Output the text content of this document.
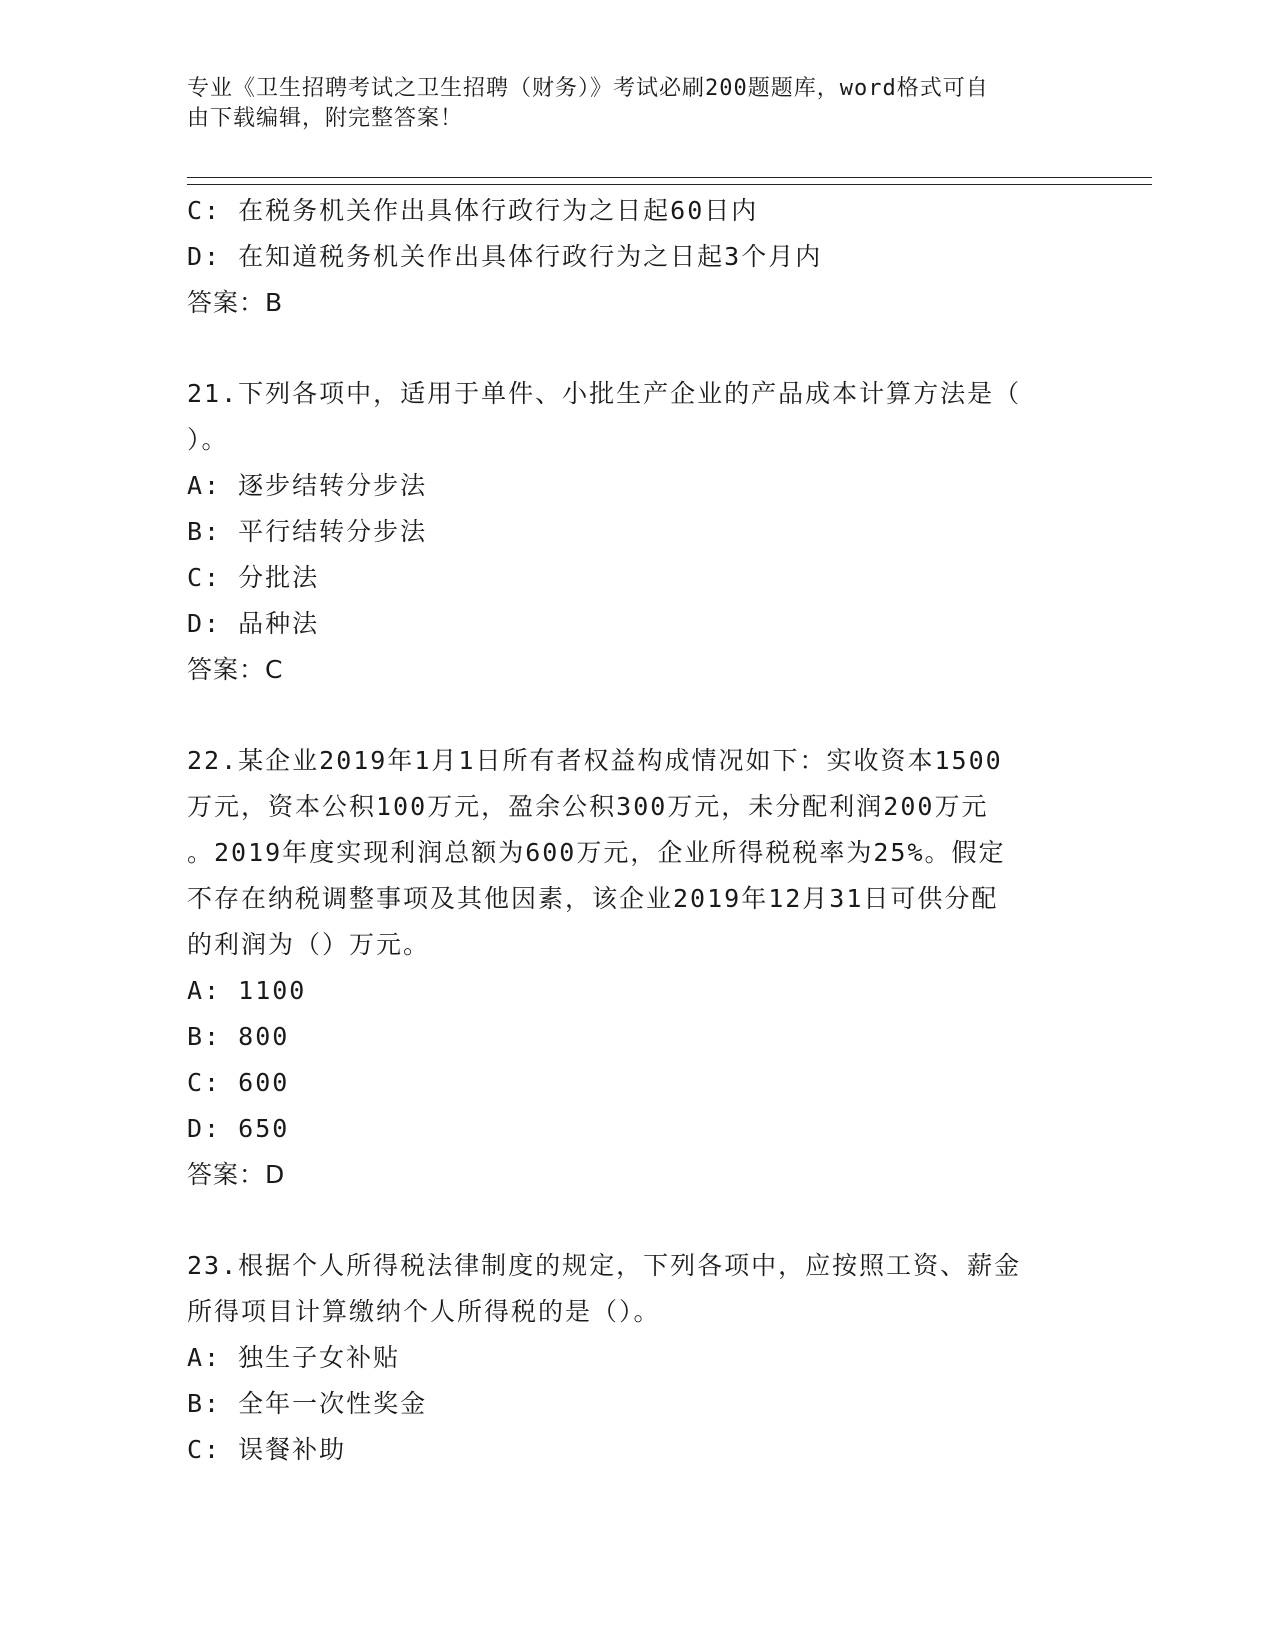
专业《卫生招聘考试之卫生招聘（财务）》考试必刷200题题库，word格式可自
由下载编辑，附完整答案！
C: 在税务机关作出具体行政行为之日起60日内
D: 在知道税务机关作出具体行政行为之日起3个月内
答案：B
21.下列各项中，适用于单件、小批生产企业的产品成本计算方法是（
）。
A: 逐步结转分步法
B: 平行结转分步法
C: 分批法
D: 品种法
答案：C
22.某企业2019年1月1日所有者权益构成情况如下：实收资本1500
万元，资本公积100万元，盈余公积300万元，未分配利润200万元
。2019年度实现利润总额为600万元，企业所得税税率为25%。假定
不存在纳税调整事项及其他因素，该企业2019年12月31日可供分配
的利润为（）万元。
A: 1100
B: 800
C: 600
D: 650
答案：D
23.根据个人所得税法律制度的规定，下列各项中，应按照工资、薪金
所得项目计算缴纳个人所得税的是（）。
A: 独生子女补贴
B: 全年一次性奖金
C: 误餐补助
